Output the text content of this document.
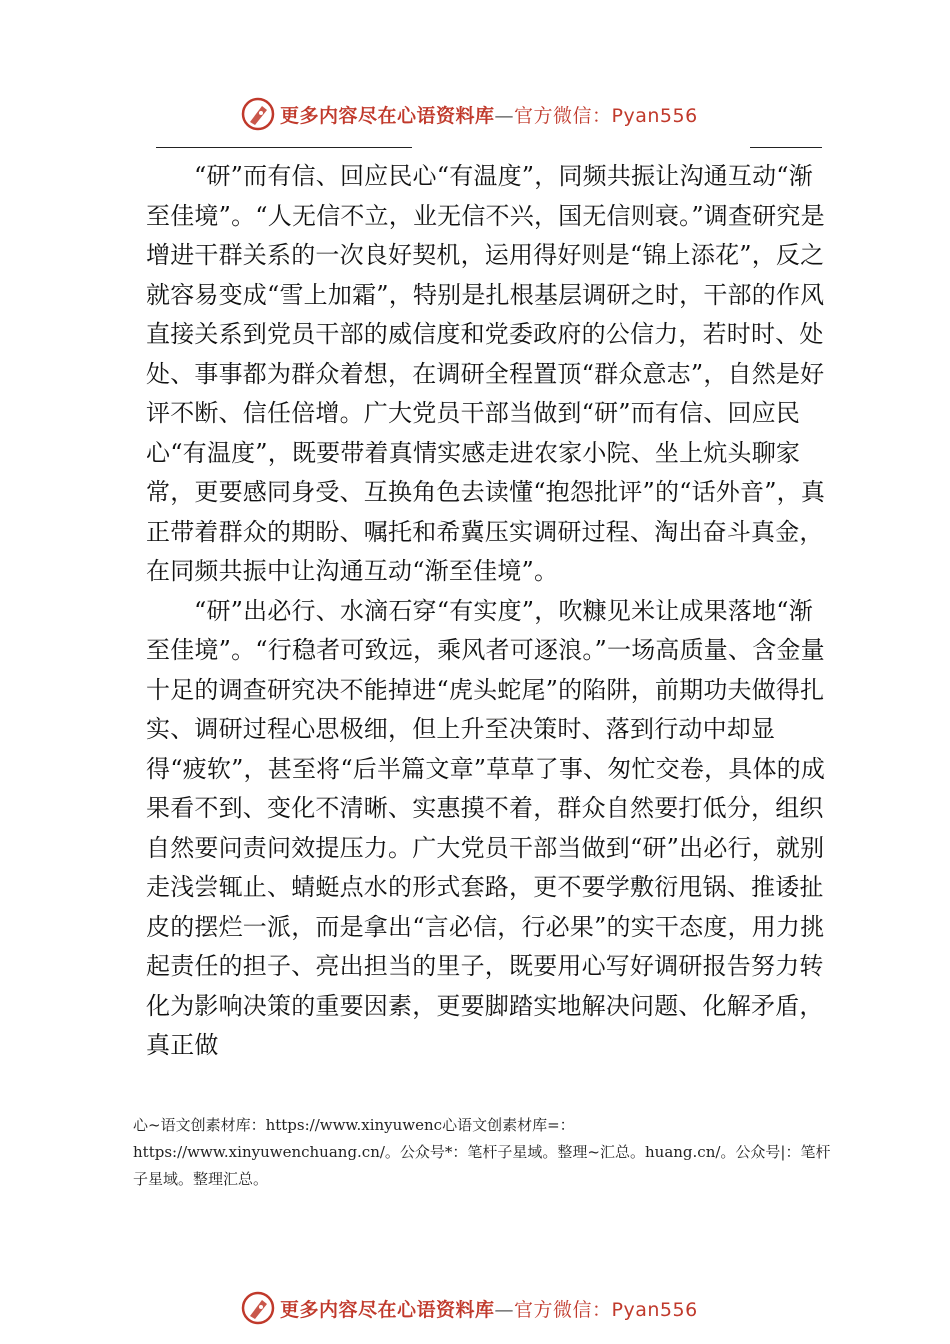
更多内容尽在心语资料库—官方微信：Pyan556

“研”而有信、回应民心“有温度”，同频共振让沟通互动“渐至佳境”。“人无信不立，业无信不兴，国无信则衰。”调查研究是增进干群关系的一次良好契机，运用得好则是“锦上添花”，反之就容易变成“雪上加霜”，特别是扎根基层调研之时，干部的作风直接关系到党员干部的威信度和党委政府的公信力，若时时、处处、事事都为群众着想，在调研全程置顶“群众意志”，自然是好评不断、信任倍增。广大党员干部当做到“研”而有信、回应民心“有温度”，既要带着真情实感走进农家小院、坐上炕头聊家常，更要感同身受、互换角色去读懂“抱怨批评”的“话外音”，真正带着群众的期盼、嘱托和希冀压实调研过程、淘出奋斗真金，在同频共振中让沟通互动“渐至佳境”。

“研”出必行、水滴石穿“有实度”，吹糠见米让成果落地“渐至佳境”。“行稳者可致远，乘风者可逐浪。”一场高质量、含金量十足的调查研究决不能掉进“虎头蛇尾”的陷阱，前期功夫做得扎实、调研过程心思极细，但上升至决策时、落到行动中却显得“疲软”，甚至将“后半篇文章”草草了事、匆忙交卷，具体的成果看不到、变化不清晰、实惠摸不着，群众自然要打低分，组织自然要问责问效提压力。广大党员干部当做到“研”出必行，就别走浅尝辄止、蜻蜓点水的形式套路，更不要学敷衍甩锅、推诿扯皮的摆烂一派，而是拿出“言必信，行必果”的实干态度，用力挑起责任的担子、亮出担当的里子，既要用心写好调研报告努力转化为影响决策的重要因素，更要脚踏实地解决问题、化解矛盾，真正做

心~语文创素材库：https://www.xinyuwenc心语文创素材库=：https://www.xinyuwenchuang.cn/。公众号*：笔杆子星域。整理~汇总。huang.cn/。公众号|：笔杆子星域。整理汇总。
更多内容尽在心语资料库—官方微信：Pyan556
